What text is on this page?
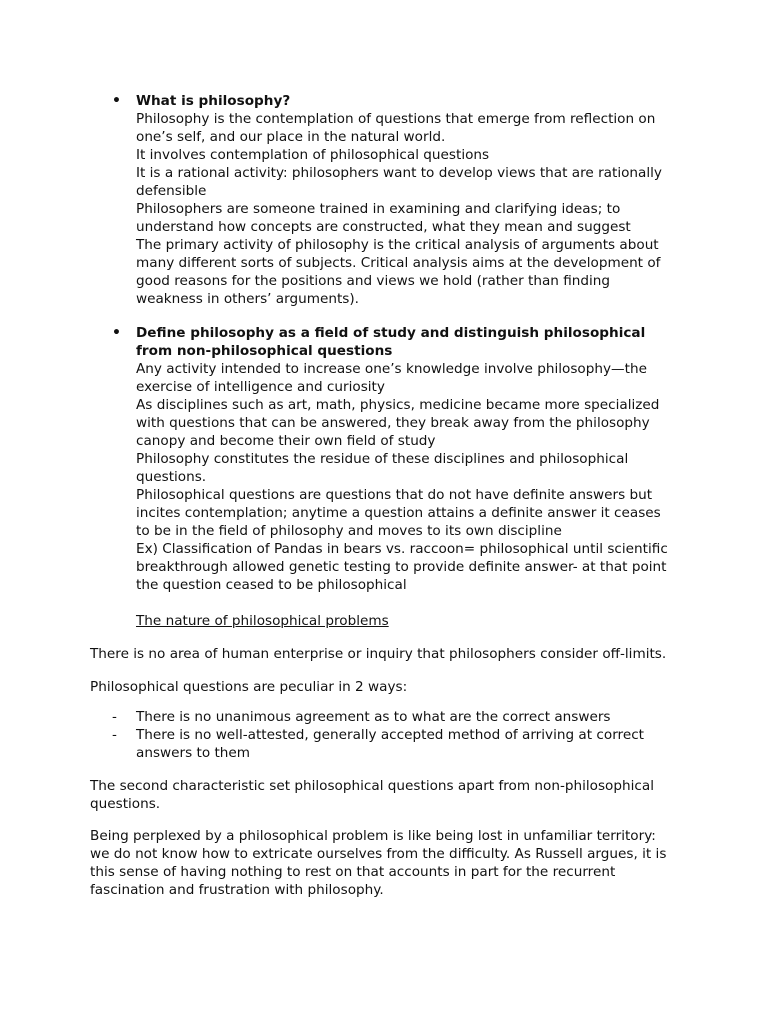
• What is philosophy?
Philosophy is the contemplation of questions that emerge from reflection on
one’s self, and our place in the natural world.
It involves contemplation of philosophical questions
It is a rational activity: philosophers want to develop views that are rationally
defensible
Philosophers are someone trained in examining and clarifying ideas; to
understand how concepts are constructed, what they mean and suggest
The primary activity of philosophy is the critical analysis of arguments about
many different sorts of subjects. Critical analysis aims at the development of
good reasons for the positions and views we hold (rather than finding
weakness in others’ arguments).
• Define philosophy as a field of study and distinguish philosophical
from non-philosophical questions
Any activity intended to increase one’s knowledge involve philosophy—the
exercise of intelligence and curiosity
As disciplines such as art, math, physics, medicine became more specialized
with questions that can be answered, they break away from the philosophy
canopy and become their own field of study
Philosophy constitutes the residue of these disciplines and philosophical
questions.
Philosophical questions are questions that do not have definite answers but
incites contemplation; anytime a question attains a definite answer it ceases
to be in the field of philosophy and moves to its own discipline
Ex) Classification of Pandas in bears vs. raccoon= philosophical until scientific
breakthrough allowed genetic testing to provide definite answer- at that point
the question ceased to be philosophical
The nature of philosophical problems
There is no area of human enterprise or inquiry that philosophers consider off-limits.
Philosophical questions are peculiar in 2 ways:
- There is no unanimous agreement as to what are the correct answers
- There is no well-attested, generally accepted method of arriving at correct
answers to them
The second characteristic set philosophical questions apart from non-philosophical
questions.
Being perplexed by a philosophical problem is like being lost in unfamiliar territory:
we do not know how to extricate ourselves from the difficulty. As Russell argues, it is
this sense of having nothing to rest on that accounts in part for the recurrent
fascination and frustration with philosophy.
